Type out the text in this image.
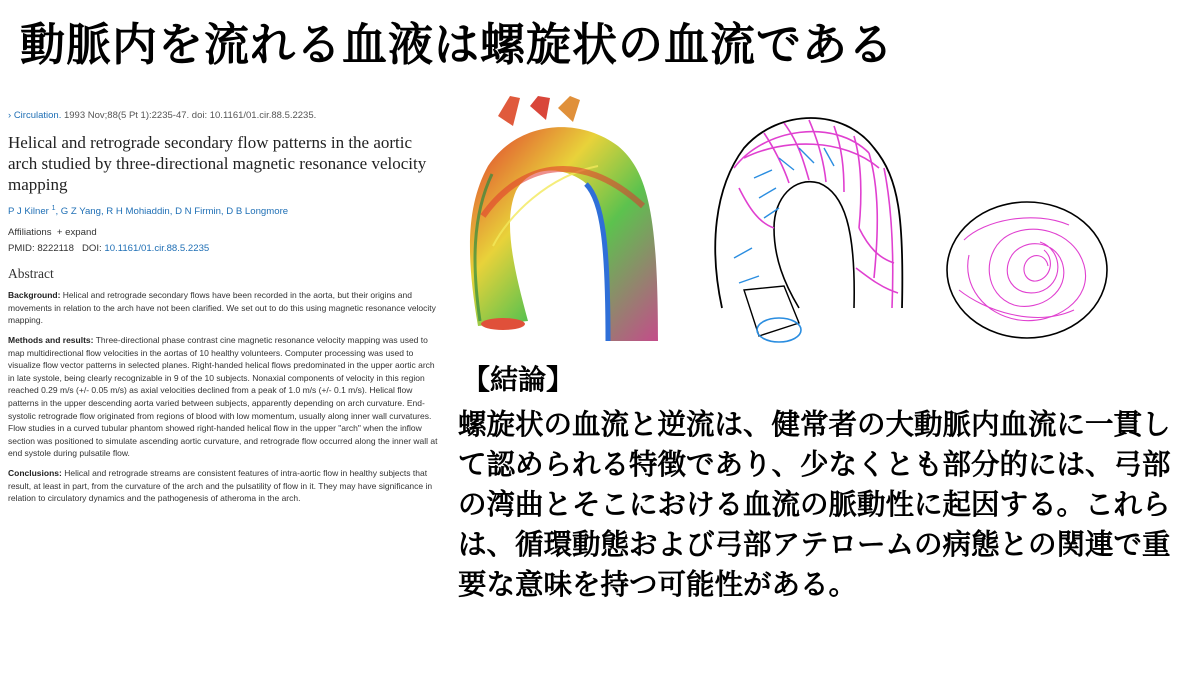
動脈内を流れる血液は螺旋状の血流である
› Circulation. 1993 Nov;88(5 Pt 1):2235-47. doi: 10.1161/01.cir.88.5.2235.
Helical and retrograde secondary flow patterns in the aortic arch studied by three-directional magnetic resonance velocity mapping
P J Kilner $^1$, G Z Yang, R H Mohiaddin, D N Firmin, D B Longmore
Affiliations + expand
PMID: 8222118 DOI: 10.1161/01.cir.88.5.2235
Abstract

Background: Helical and retrograde secondary flows have been recorded in the aorta, but their origins and movements in relation to the arch have not been clarified. We set out to do this using magnetic resonance velocity mapping.

Methods and results: Three-directional phase contrast cine magnetic resonance velocity mapping was used to map multidirectional flow velocities in the aortas of 10 healthy volunteers. Computer processing was used to visualize flow vector patterns in selected planes. Right-handed helical flows predominated in the upper aortic arch in late systole, being clearly recognizable in 9 of the 10 subjects. Nonaxial components of velocity in this region reached 0.29 m/s (+/- 0.05 m/s) as axial velocities declined from a peak of 1.0 m/s (+/- 0.1 m/s). Helical flow patterns in the upper descending aorta varied between subjects, apparently depending on arch curvature. End-systolic retrograde flow originated from regions of blood with low momentum, usually along inner wall curvatures. Flow studies in a curved tubular phantom showed right-handed helical flow in the upper "arch" when the inflow section was positioned to simulate ascending aortic curvature, and retrograde flow occurred along the inner wall at end systole during pulsatile flow.

Conclusions: Helical and retrograde streams are consistent features of intra-aortic flow in healthy subjects that result, at least in part, from the curvature of the arch and the pulsatility of flow in it. They may have significance in relation to circulatory dynamics and the pathogenesis of atheroma in the arch.

【結論】
螺旋状の血流と逆流は、健常者の大動脈内血流に一貫して認められる特徴であり、少なくとも部分的には、弓部の湾曲とそこにおける血流の脈動性に起因する。これらは、循環動態および弓部アテロームの病態との関連で重要な意味を持つ可能性がある。
